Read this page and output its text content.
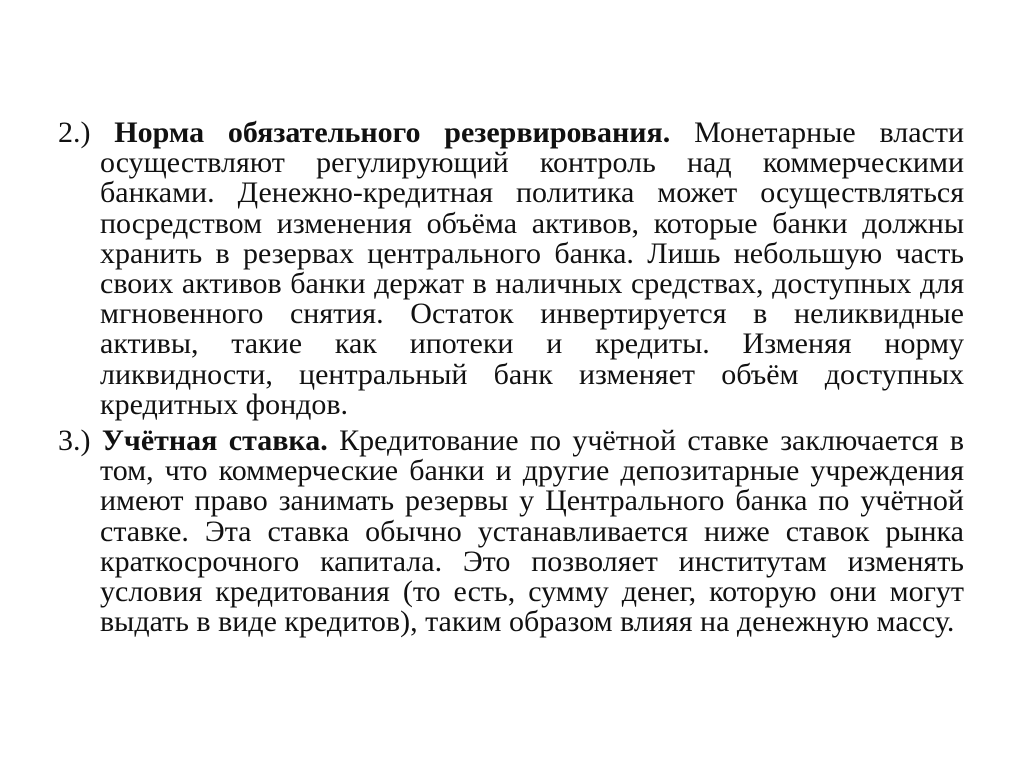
2.) Норма обязательного резервирования. Монетарные власти осуществляют регулирующий контроль над коммерческими банками. Денежно-кредитная политика может осуществляться посредством изменения объёма активов, которые банки должны хранить в резервах центрального банка. Лишь небольшую часть своих активов банки держат в наличных средствах, доступных для мгновенного снятия. Остаток инвертируется в неликвидные активы, такие как ипотеки и кредиты. Изменяя норму ликвидности, центральный банк изменяет объём доступных кредитных фондов.

3.) Учётная ставка. Кредитование по учётной ставке заключается в том, что коммерческие банки и другие депозитарные учреждения имеют право занимать резервы у Центрального банка по учётной ставке. Эта ставка обычно устанавливается ниже ставок рынка краткосрочного капитала. Это позволяет институтам изменять условия кредитования (то есть, сумму денег, которую они могут выдать в виде кредитов), таким образом влияя на денежную массу.
